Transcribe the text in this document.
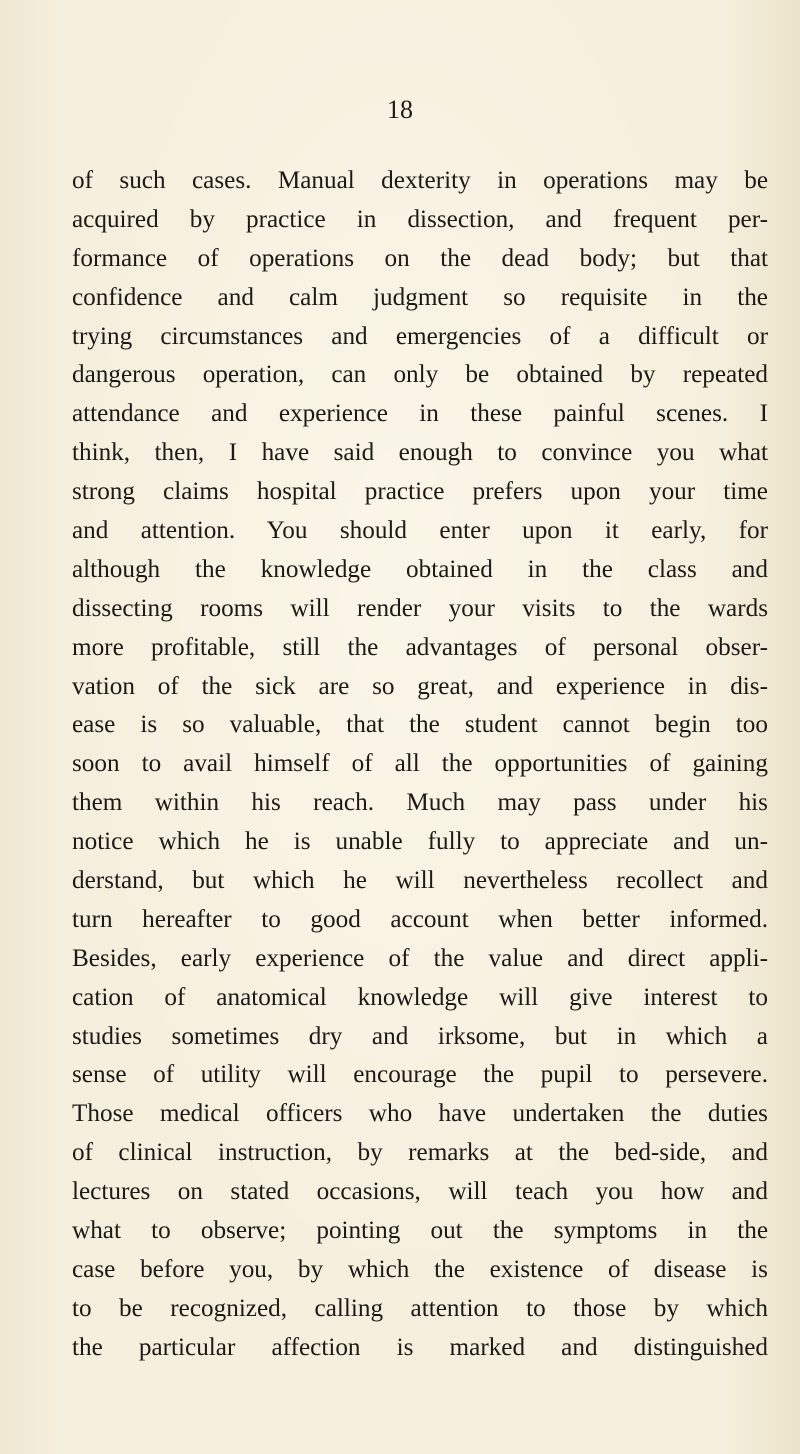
18
of such cases. Manual dexterity in operations may be
acquired by practice in dissection, and frequent per-
formance of operations on the dead body; but that
confidence and calm judgment so requisite in the
trying circumstances and emergencies of a difficult or
dangerous operation, can only be obtained by repeated
attendance and experience in these painful scenes. I
think, then, I have said enough to convince you what
strong claims hospital practice prefers upon your time
and attention. You should enter upon it early, for
although the knowledge obtained in the class and
dissecting rooms will render your visits to the wards
more profitable, still the advantages of personal obser-
vation of the sick are so great, and experience in dis-
ease is so valuable, that the student cannot begin too
soon to avail himself of all the opportunities of gaining
them within his reach. Much may pass under his
notice which he is unable fully to appreciate and un-
derstand, but which he will nevertheless recollect and
turn hereafter to good account when better informed.
Besides, early experience of the value and direct appli-
cation of anatomical knowledge will give interest to
studies sometimes dry and irksome, but in which a
sense of utility will encourage the pupil to persevere.
Those medical officers who have undertaken the duties
of clinical instruction, by remarks at the bed-side, and
lectures on stated occasions, will teach you how and
what to observe; pointing out the symptoms in the
case before you, by which the existence of disease is
to be recognized, calling attention to those by which
the particular affection is marked and distinguished
